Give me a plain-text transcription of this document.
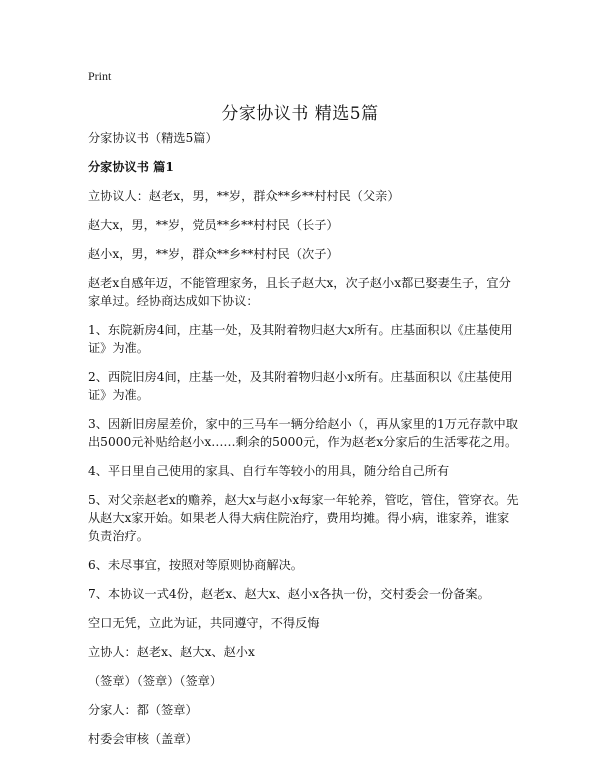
Print
分家协议书 精选5篇

分家协议书（精选5篇）

分家协议书 篇1

立协议人：赵老x，男，**岁，群众**乡**村村民（父亲）

赵大x，男，**岁，党员**乡**村村民（长子）

赵小x，男，**岁，群众**乡**村村民（次子）

赵老x自感年迈，不能管理家务，且长子赵大x，次子赵小x都已娶妻生子，宜分家单过。经协商达成如下协议：

1、东院新房4间，庄基一处，及其附着物归赵大x所有。庄基面积以《庄基使用证》为准。

2、西院旧房4间，庄基一处，及其附着物归赵小x所有。庄基面积以《庄基使用证》为准。

3、因新旧房屋差价，家中的三马车一辆分给赵小（，再从家里的1万元存款中取出5000元补贴给赵小x……剩余的5000元，作为赵老x分家后的生活零花之用。

4、平日里自己使用的家具、自行车等较小的用具，随分给自己所有

5、对父亲赵老x的赡养，赵大x与赵小x每家一年轮养，管吃，管住，管穿衣。先从赵大x家开始。如果老人得大病住院治疗，费用均摊。得小病，谁家养，谁家负责治疗。

6、未尽事宜，按照对等原则协商解决。

7、本协议一式4份，赵老x、赵大x、赵小x各执一份，交村委会一份备案。

空口无凭，立此为证，共同遵守，不得反悔

立协人：赵老x、赵大x、赵小x

（签章）（签章）（签章）

分家人：都（签章）

村委会审核（盖章）
